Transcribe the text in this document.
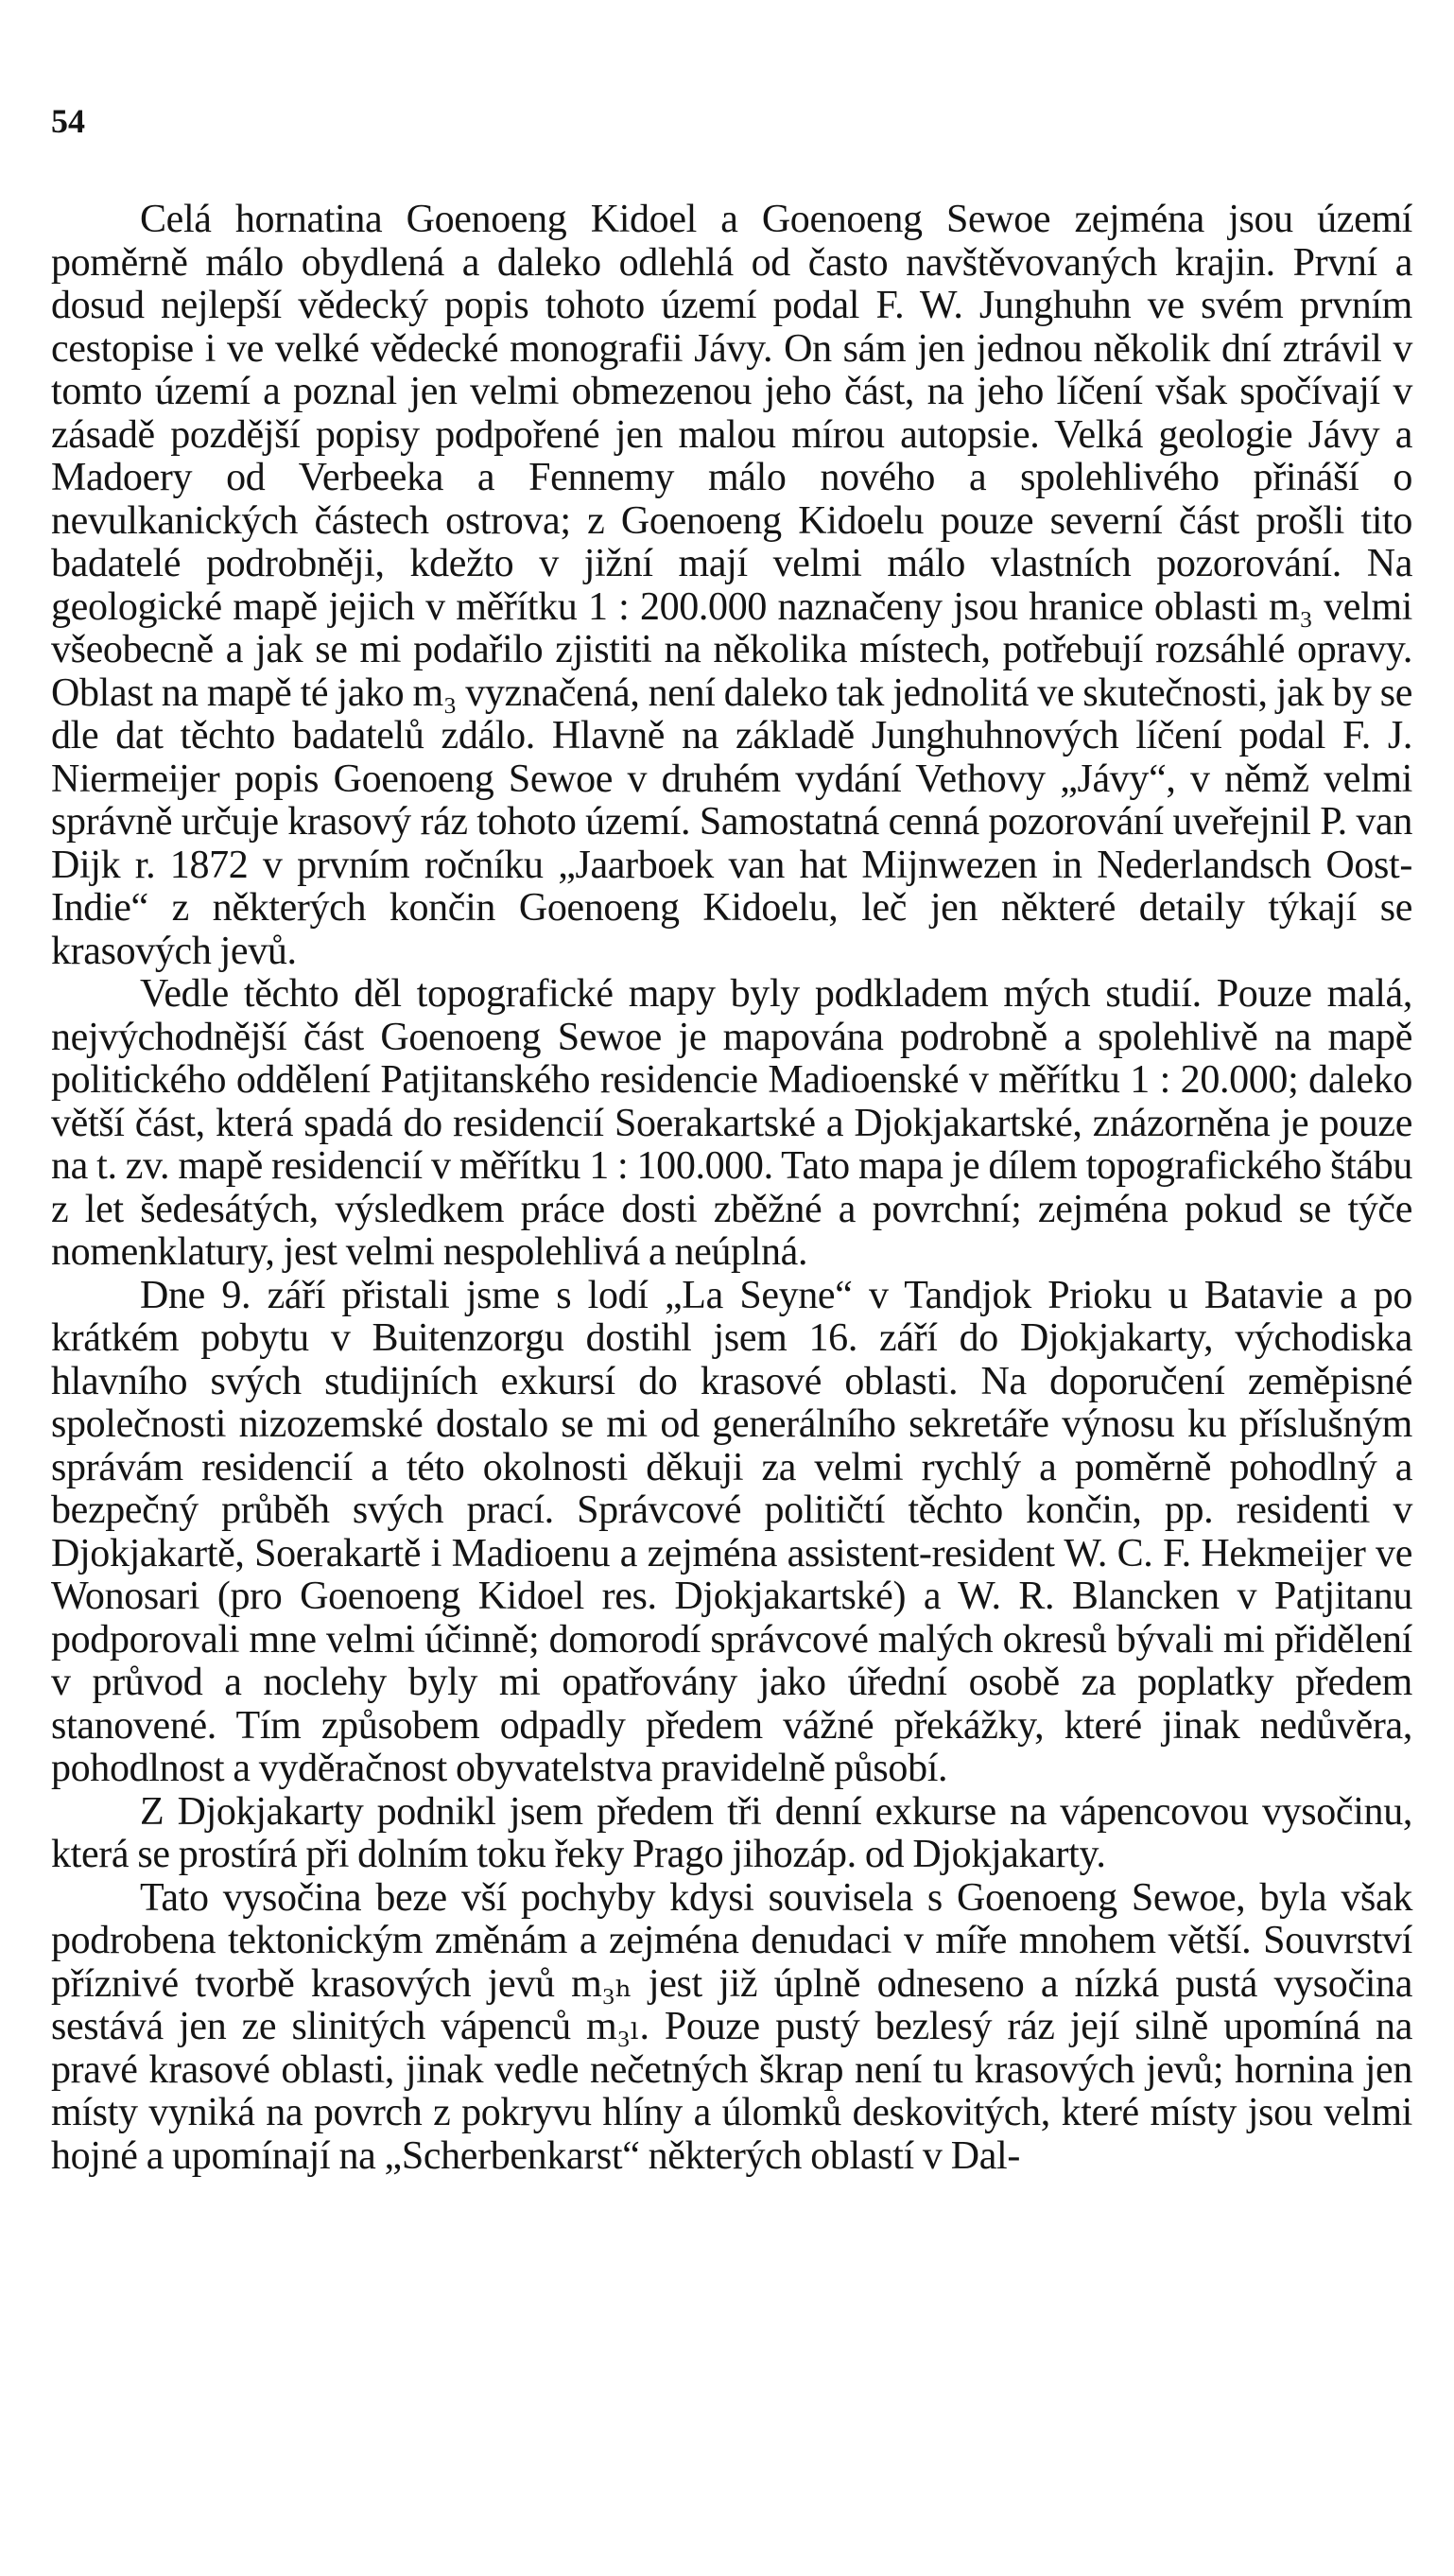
54

Celá hornatina Goenoeng Kidoel a Goenoeng Sewoe zejména jsou území poměrně málo obydlená a daleko odlehlá od často navštěvovaných krajin. První a dosud nejlepší vědecký popis tohoto území podal F. W. Junghuhn ve svém prvním cestopise i ve velké vědecké monografii Jávy. On sám jen jednou několik dní ztrávil v tomto území a poznal jen velmi obmezenou jeho část, na jeho líčení však spočívají v zásadě pozdější popisy podpořené jen malou mírou autopsie. Velká geologie Jávy a Madoery od Verbeeka a Fennemy málo nového a spolehlivého přináší o nevulkanických částech ostrova; z Goenoeng Kidoelu pouze severní část prošli tito badatelé podrobněji, kdežto v jižní mají velmi málo vlastních pozorování. Na geologické mapě jejich v měřítku 1 : 200.000 naznačeny jsou hranice oblasti m₃ velmi všeobecně a jak se mi podařilo zjistiti na několika místech, potřebují rozsáhlé opravy. Oblast na mapě té jako m₃ vyznačená, není daleko tak jednolitá ve skutečnosti, jak by se dle dat těchto badatelů zdálo. Hlavně na základě Junghuhnových líčení podal F. J. Niermeijer popis Goenoeng Sewoe v druhém vydání Vethovy „Jávy“, v němž velmi správně určuje krasový ráz tohoto území. Samostatná cenná pozorování uveřejnil P. van Dijk r. 1872 v prvním ročníku „Jaarboek van hat Mijnwezen in Nederlandsch Oost-Indie“ z některých končin Goenoeng Kidoelu, leč jen některé detaily týkají se krasových jevů.

Vedle těchto děl topografické mapy byly podkladem mých studií. Pouze malá, nejvýchodnější část Goenoeng Sewoe je mapována podrobně a spolehlivě na mapě politického oddělení Patjitanského residencie Madioenské v měřítku 1 : 20.000; daleko větší část, která spadá do residencií Soerakartské a Djokjakartské, znázorněna je pouze na t. zv. mapě residencií v měřítku 1 : 100.000. Tato mapa je dílem topografického štábu z let šedesátých, výsledkem práce dosti zběžné a povrchní; zejména pokud se týče nomenklatury, jest velmi nespolehlivá a neúplná.

Dne 9. září přistali jsme s lodí „La Seyne“ v Tandjok Prioku u Batavie a po krátkém pobytu v Buitenzorgu dostihl jsem 16. září do Djokjakarty, východiska hlavního svých studijních exkursí do krasové oblasti. Na doporučení zeměpisné společnosti nizozemské dostalo se mi od generálního sekretáře výnosu ku příslušným správám residencií a této okolnosti děkuji za velmi rychlý a poměrně pohodlný a bezpečný průběh svých prací. Správcové političtí těchto končin, pp. residenti v Djokjakartě, Soerakartě i Madioenu a zejména assistent-resident W. C. F. Hekmeijer ve Wonosari (pro Goenoeng Kidoel res. Djokjakartské) a W. R. Blancken v Patjitanu podporovali mne velmi účinně; domorodí správcové malých okresů bývali mi přidělení v průvod a noclehy byly mi opatřovány jako úřední osobě za poplatky předem stanovené. Tím způsobem odpadly předem vážné překážky, které jinak nedůvěra, pohodlnost a vyděračnost obyvatelstva pravidelně působí.

Z Djokjakarty podnikl jsem předem tři denní exkurse na vápencovou vysočinu, která se prostírá při dolním toku řeky Prago jihozáp. od Djokjakarty.

Tato vysočina beze vší pochyby kdysi souvisela s Goenoeng Sewoe, byla však podrobena tektonickým změnám a zejména denudaci v míře mnohem větší. Souvrství příznivé tvorbě krasových jevů m₃ₕ jest již úplně odneseno a nízká pustá vysočina sestává jen ze slinitých vápenců m₃ₗ. Pouze pustý bezlesý ráz její silně upomíná na pravé krasové oblasti, jinak vedle nečetných škrap není tu krasových jevů; hornina jen místy vyniká na povrch z pokryvu hlíny a úlomků deskovitých, které místy jsou velmi hojné a upomínají na „Scherbenkarst“ některých oblastí v Dal-
